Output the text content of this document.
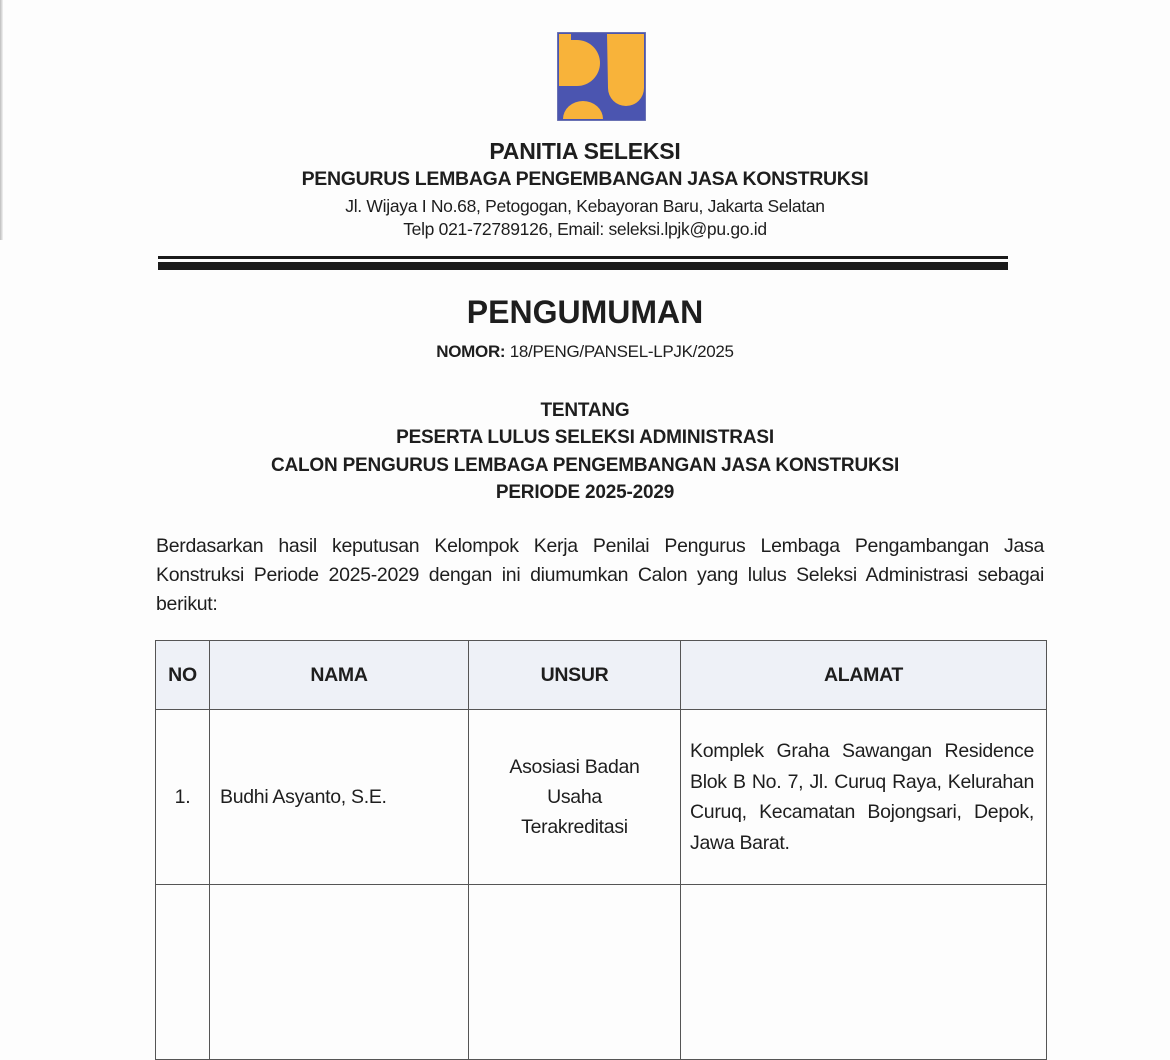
PANITIA SELEKSI
PENGURUS LEMBAGA PENGEMBANGAN JASA KONSTRUKSI
Jl. Wijaya I No.68, Petogogan, Kebayoran Baru, Jakarta Selatan
Telp 021-72789126, Email: seleksi.lpjk@pu.go.id
PENGUMUMAN
NOMOR: 18/PENG/PANSEL-LPJK/2025
TENTANG
PESERTA LULUS SELEKSI ADMINISTRASI
CALON PENGURUS LEMBAGA PENGEMBANGAN JASA KONSTRUKSI
PERIODE 2025-2029
Berdasarkan hasil keputusan Kelompok Kerja Penilai Pengurus Lembaga Pengambangan Jasa Konstruksi Periode 2025-2029 dengan ini diumumkan Calon yang lulus Seleksi Administrasi sebagai berikut:
NO	NAMA	UNSUR	ALAMAT
1.	Budhi Asyanto, S.E.	Asosiasi Badan
Usaha
Terakreditasi	Komplek Graha Sawangan Residence Blok B No. 7, Jl. Curuq Raya, Kelurahan Curuq, Kecamatan Bojongsari, Depok, Jawa Barat.
